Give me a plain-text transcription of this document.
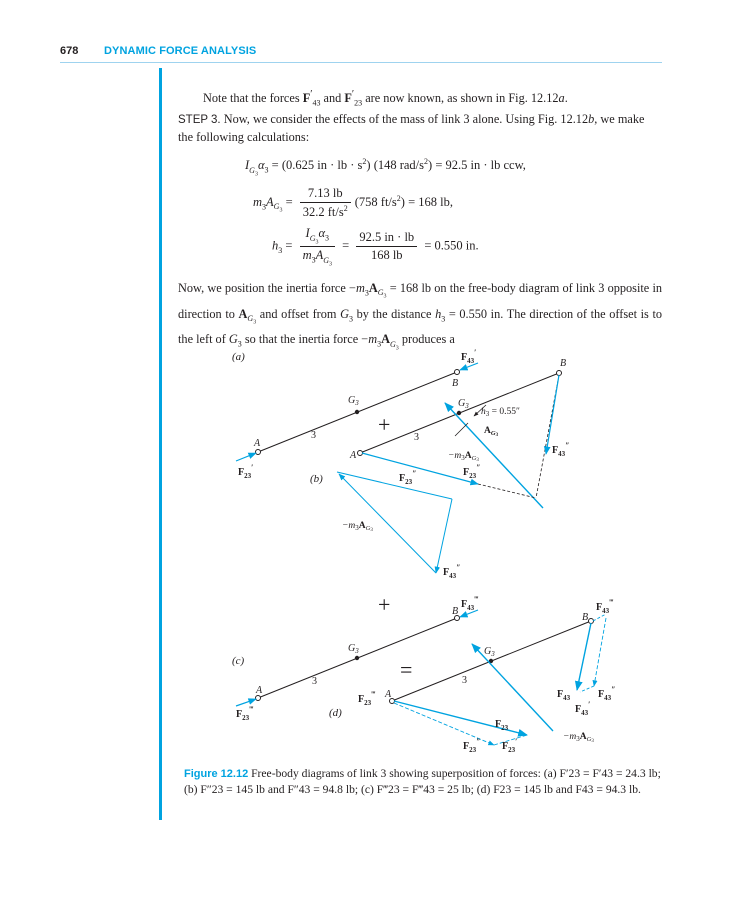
678 DYNAMIC FORCE ANALYSIS
Note that the forces $F'_{43}$ and $F'_{23}$ are now known, as shown in Fig. 12.12a.
STEP 3. Now, we consider the effects of the mass of link 3 alone. Using Fig. 12.12b, we make the following calculations:
$I_{G_3}\alpha_3 = (0.625$ in · lb · $s^2$) (148 rad/$s^2) = 92.5$ in · lb ccw,
$m_3A_{G_3} = \frac{7.13 lb}{32.2 ft/s^2} (758$ $ft/s^2) = 168$ lb,
$h_3 = \frac{I_{G_3}\alpha_3}{m_3A_{G_3}} = \frac{92.5 in \cdot lb}{168 lb} = 0.550$ in.
Now, we position the inertia force $-m_3A_{G_3} = 168$ lb on the free-body diagram of link 3 opposite in direction to $A_{G_3}$ and offset from $G_3$ by the distance $h_3 = 0.550$ in. The direction of the offset is to the left of $G_3$ so that the inertia force $-m_3A_{G_3}$ produces a
(a)
A
B
$G_3$
3
$F_{23}'$
$F_{43}'$
+
(b)
A
B
$G_3$
3
$h_3 = 0.55''$
$A_G3$
$-m_3A_G3$
$F_{23}''$
$F_{43}''$
$F_{23}''$
$F_{43}''$
$-m_3A_G3$
+
(c)
A
B
$G_3$
3
$F_{23}^‴$
$F_{43}^‴$
=
(d)
A
B
$G_3$
3
$-m_3A_G3$
$F_{23}^‴$
$F_{23}$
$F_{23}''$ $F_{23}'$
$F_{43}^‴$
$F_{43}$	$F_{43}''$
$F_{43}'$
Figure 12.12 Free-body diagrams of link 3 showing superposition of forces: (a) F′23 = F′43 = 24.3 lb; (b) F″23 = 145 lb and F″43 = 94.8 lb; (c) F‴23 = F‴43 = 25 lb; (d) F23 = 145 lb and F43 = 94.3 lb.
